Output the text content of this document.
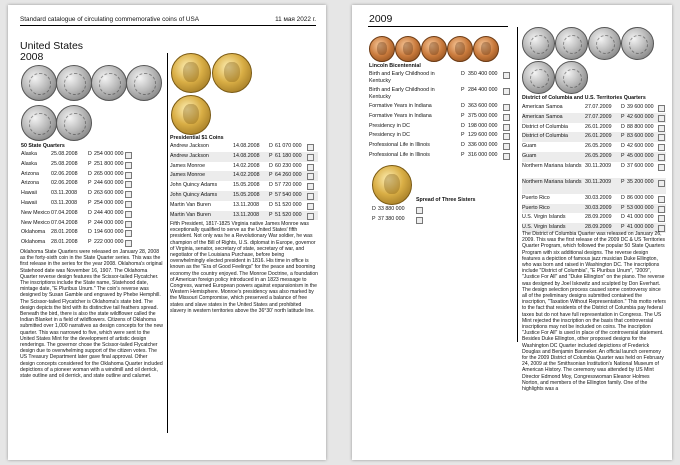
Standard catalogue of circulating commemorative coins of USA	11 мая 2022 г.
United States
2008
50 State Quarters
Alaska	25.08.2008 D 254 000 000
Alaska	25.08.2008 P 251 800 000
Arizona 02.06.2008 D 265 000 000
Arizona 02.06.2008 P 244 600 000
Hawaii	03.11.2008 D 263 600 000
Hawaii	03.11.2008 P 254 000 000
New Mexico 07.04.2008 D 244 400 000
New Mexico 07.04.2008 P 244 000 000
Oklahoma 28.01.2008 D 194 600 000
Oklahoma 28.01.2008 P 222 000 000
Oklahoma State Quarters were released on January 28, 2008 as the forty-sixth coin in the State Quarter series. This was the first release in the series for the year 2008. Oklahoma's original Statehood date was November 16, 1907. The Oklahoma Quarter reverse design features the Scissor-tailed Flycatcher. The inscriptions include the State name, Statehood date, mintage date, "E Pluribus Unum." The coin's reverse was designed by Susan Gamble and engraved by Phebe Hemphill. The Scissor-tailed Flycatcher is Oklahoma's state bird. The design depicts the bird with its distinctive tail feathers spread. Beneath the bird, there is also the state wildflower called the Indian Blanket in a field of wildflowers. Citizens of Oklahoma submitted over 1,000 narratives as design concepts for the new quarter. This was narrowed to five, which were sent to the United States Mint for the development of artistic design renderings. The governor chose the Scissor-tailed Flycatcher design due to overwhelming support of the citizen votes. The US Treasury Department later gave final approval. Other design concepts considered for the Oklahoma Quarter included depictions of a pioneer woman with a windmill and oil derrick, state outline and oil derrick, and state outline and calumet.
Presidential $1 Coins
Andrew Jackson	14.08.2008 D 61 070 000
Andrew Jackson	14.08.2008 P 61 180 000
James Monroe	14.02.2008 D 60 230 000
James Monroe	14.02.2008 P 64 260 000
John Quincy Adams	15.05.2008 D 57 720 000
John Quincy Adams	15.05.2008 P 57 540 000
Martin Van Buren	13.11.2008 D 51 520 000
Martin Van Buren	13.11.2008 P 51 520 000
Fifth President, 1817-1825 Virginia native James Monroe was exceptionally qualified to serve as the United States' fifth president. Not only was he a Revolutionary War soldier, he was champion of the Bill of Rights, U.S. diplomat in Europe, governor of Virginia, senator, secretary of state, secretary of war, and negotiator of the Louisiana Purchase, before being overwhelmingly elected president in 1816. His time in office is known as the "Era of Good Feelings" for the peace and booming economy the country enjoyed. The Monroe Doctrine, a foundation of American foreign policy introduced in an 1823 message to Congress, warned European powers against expansionism in the Western Hemisphere. Monroe's presidency was also marked by the Missouri Compromise, which preserved a balance of free states and slave states in the United States and prohibited slavery in western territories above the 36°30' north latitude line.
2009
Lincoln Bicentennial
Birth and Early Childhood in Kentucky
D 350 400 000
Birth and Early Childhood in Kentucky
P 284 400 000
Formative Years in Indiana	D 363 600 000
Formative Years in Indiana	P 375 000 000
Presidency in DC	D 198 000 000
Presidency in DC	P 129 600 000
Professional Life in Illinois	D 336 000 000
Professional Life in Illinois	P 316 000 000
Spread of Three Sisters
D 33 880 000
P 37 380 000
District of Columbia and U.S. Territories Quarters
American Samoa	27.07.2009 D 39 600 000
American Samoa	27.07.2009 P 42 600 000
District of Columbia	26.01.2009 D 88 800 000
District of Columbia	26.01.2009 P 83 600 000
Guam	26.05.2009 D 42 600 000
Guam	26.05.2009 P 45 000 000
Northern Mariana Islands 30.11.2009 D 37 600 000
Northern Mariana Islands 30.11.2009 P 35 200 000
Puerto Rico	30.03.2009 D 86 000 000
Puerto Rico	30.03.2009 P 53 000 000
U.S. Virgin Islands	28.09.2009 D 41 000 000
U.S. Virgin Islands	28.09.2009 P 41 000 000
The District of Columbia Quarter was released on January 26, 2009. This was the first release of the 2009 DC & US Territories Quarter Program, which followed the popular 50 State Quarters Program with six additional designs. The reverse design features a depiction of famous jazz musician Duke Ellington, who was born and raised in Washington DC. The inscriptions include "District of Columbia", "E Pluribus Unum", "2009", "Justice For All" and "Duke Ellington" on the piano. The reverse was designed by Joel Iskowitz and sculpted by Don Everhart. The design selection process caused some controversy since all of the preliminary designs submitted contained the inscription, "Taxation Without Representation." This motto refers to the fact that residents of the District of Columbia pay federal taxes but do not have full representation in Congress. The US Mint rejected the inscription on the basis that controversial inscriptions may not be included on coins. The inscription "Justice For All" is used in place of the controversial statement. Besides Duke Ellington, other proposed designs for the Washington DC Quarter included depictions of Frederick Douglas and Benjamin Banneker. An official launch ceremony for the 2009 District of Columbia Quarter was held on February 24, 2009 at the Smithsonian Institution's National Museum of American History. The ceremony was attended by US Mint Director Edmond Moy, Congresswoman Eleanor Holmes Norton, and members of the Ellington family. One of the highlights was a
